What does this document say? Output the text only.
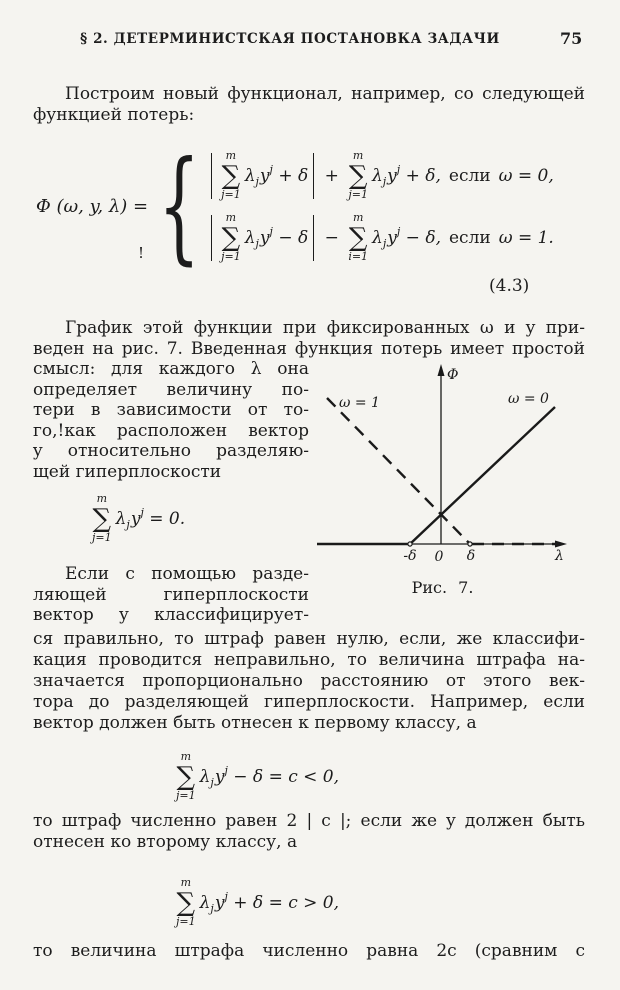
§ 2. ДЕТЕРМИНИСТСКАЯ ПОСТАНОВКА ЗАДАЧИ	75
Построим новый функционал, например, со следующей
функцией потерь:
Φ (ω, y, λ) = { m
∑
j=1
λ j y j + δ +
m
∑
j=1
λ j y j + δ, если ω = 0,
m
∑
j=1
λ j y j − δ −
m
∑
i=1
λ j y j − δ, если ω = 1.
!
(4.3)
График этой функции при фиксированных ω и y при-
веден на рис. 7. Введенная функция потерь имеет простой
смысл: для каждого λ она
определяет величину по-
тери в зависимости от то-
го,!как расположен вектор
y относительно разделяю-
щей гиперплоскости
m
∑
j=1
λ j y j = 0.
Если с помощью разде-
ляющей гиперплоскости
вектор y классифицирует-
ся правильно, то штраф равен нулю, если, же классифи-
кация проводится неправильно, то величина штрафа на-
значается пропорционально расстоянию от этого век-
тора до разделяющей гиперплоскости. Например, если
вектор должен быть отнесен к первому классу, а
m
∑
j=1
λ j y j − δ = c < 0,
то штраф численно равен 2 | c |; если же y должен быть
отнесен ко второму классу, а
m
∑
j=1
λ j y j + δ = c > 0,
то величина штрафа численно равна 2c (сравним с
Φ
λ
ω = 1	ω = 0
-δ 0 δ
Рис. 7.
